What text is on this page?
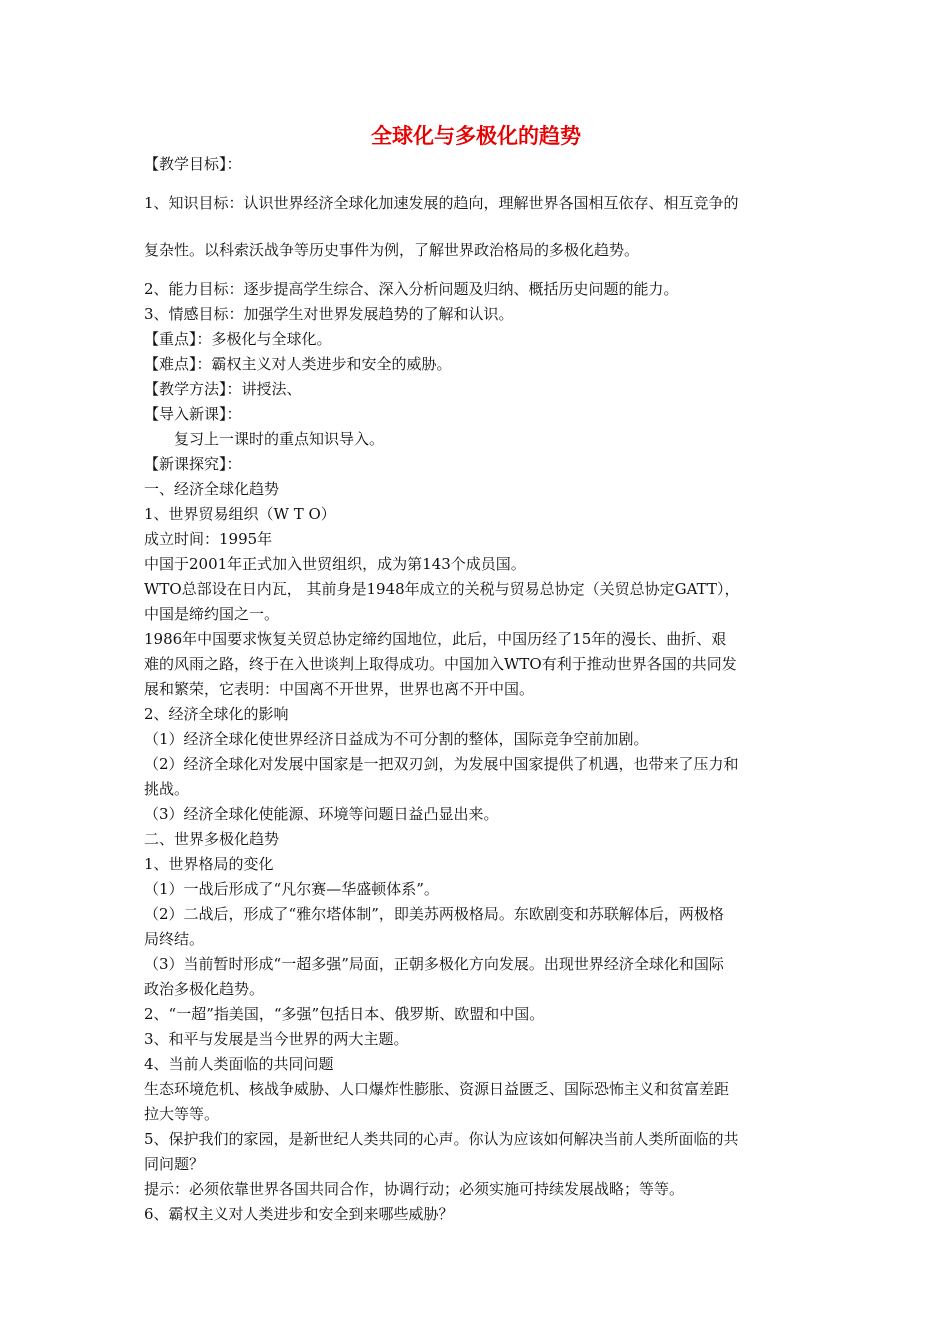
全球化与多极化的趋势
【教学目标】：
1、知识目标：认识世界经济全球化加速发展的趋向，理解世界各国相互依存、相互竞争的
复杂性。以科索沃战争等历史事件为例，了解世界政治格局的多极化趋势。
2、能力目标：逐步提高学生综合、深入分析问题及归纳、概括历史问题的能力。
3、情感目标：加强学生对世界发展趋势的了解和认识。
【重点】：多极化与全球化。
【难点】：霸权主义对人类进步和安全的威胁。
【教学方法】：讲授法、
【导入新课】：
复习上一课时的重点知识导入。
【新课探究】：
一、经济全球化趋势
1、世界贸易组织（W T O）
成立时间：1995年
中国于2001年正式加入世贸组织，成为第143个成员国。
WTO总部设在日内瓦， 其前身是1948年成立的关税与贸易总协定（关贸总协定GATT），
中国是缔约国之一。
1986年中国要求恢复关贸总协定缔约国地位，此后，中国历经了15年的漫长、曲折、艰
难的风雨之路，终于在入世谈判上取得成功。中国加入WTO有利于推动世界各国的共同发
展和繁荣，它表明：中国离不开世界，世界也离不开中国。
2、经济全球化的影响
（1）经济全球化使世界经济日益成为不可分割的整体，国际竞争空前加剧。
（2）经济全球化对发展中国家是一把双刃剑，为发展中国家提供了机遇，也带来了压力和
挑战。
（3）经济全球化使能源、环境等问题日益凸显出来。
二、世界多极化趋势
1、世界格局的变化
（1）一战后形成了“凡尔赛—华盛顿体系”。
（2）二战后，形成了“雅尔塔体制”，即美苏两极格局。东欧剧变和苏联解体后，两极格
局终结。
（3）当前暂时形成“一超多强”局面，正朝多极化方向发展。出现世界经济全球化和国际
政治多极化趋势。
2、“一超”指美国，“多强”包括日本、俄罗斯、欧盟和中国。
3、和平与发展是当今世界的两大主题。
4、当前人类面临的共同问题
生态环境危机、核战争威胁、人口爆炸性膨胀、资源日益匮乏、国际恐怖主义和贫富差距
拉大等等。
5、保护我们的家园，是新世纪人类共同的心声。你认为应该如何解决当前人类所面临的共
同问题？
提示：必须依靠世界各国共同合作，协调行动；必须实施可持续发展战略；等等。
6、霸权主义对人类进步和安全到来哪些威胁？
